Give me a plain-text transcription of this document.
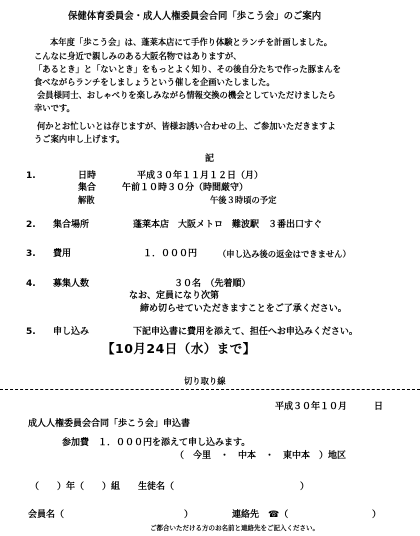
保健体育委員会・成人人権委員会合同「歩こう会」のご案内
本年度「歩こう会」は、蓬莱本店にて手作り体験とランチを計画しました。
こんなに身近で親しみのある大阪名物ではありますが、
「あるとき」と「ないとき」をもっとよく知り、その後自分たちで作った豚まんを
食べながらランチをしましょうという催しを企画いたしました。
会員様同士、おしゃべりを楽しみながら情報交換の機会としていただけましたら
幸いです。
何かとお忙しいとは存じますが、皆様お誘い合わせの上、ご参加いただきますよ
うご案内申し上げます。
記
1.	日時	平成３０年１１月１２日（月）
集合	午前１０時３０分（時間厳守）
解散	午後３時頃の予定
2. 集合場所	蓬莱本店　大阪メトロ　難波駅　３番出口すぐ
3. 費用	１．０００円	（申し込み後の返金はできません）
4. 募集人数	３０名　（先着順）
なお、定員になり次第
締め切らせていただきますことをご了承ください。
5. 申し込み	下記申込書に費用を添えて、担任へお申込みください。
【10月24日（水）まで】
切り取り線
平成３０年１０月　　　日
成人人権委員会合同「歩こう会」申込書
参加費　１．０００円を添えて申し込みます。
（　今里　・　中本　・　東中本　）地区
（　　）年（　　）組　　生徒名（　　　　　　　　　　　　　　）
会員名（	）	連絡先　☎（	）
ご都合いただける方のお名前と連絡先をご記入ください。
